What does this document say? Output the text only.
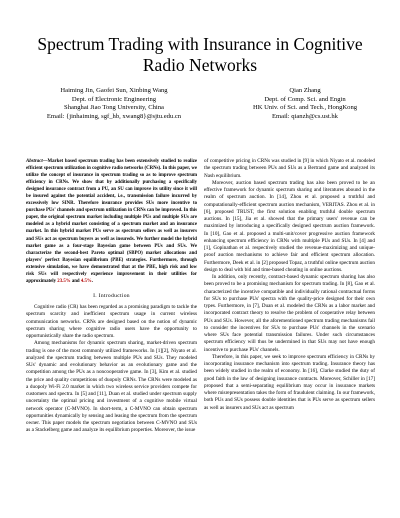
Spectrum Trading with Insurance in Cognitive Radio Networks
Haiming Jin, Gaofei Sun, Xinbing Wang
Dept. of Electronic Engineering
Shanghai Jiao Tong University, China
Email: {jinhaiming, sgf_hb, xwang8}@sjtu.edu.cn
Qian Zhang
Dept. of Comp. Sci. and Engin
HK Univ. of Sci. and Tech., HongKong
Email: qianzh@cs.ust.hk
Abstract—Market based spectrum trading has been extensively studied to realize efficient spectrum utilization in cognitive radio networks (CRNs). In this paper, we utilize the concept of insurance in spectrum trading so as to improve spectrum efficiency in CRNs. We show that by additionally purchasing a specifically designed insurance contract from a PU, an SU can improve its utility since it will be insured against the potential accident, i.e., transmission failure incurred by excessively low SINR. Therefore insurance provides SUs more incentive to purchase PUs' channels and spectrum utilization in CRNs can be improved. In this paper, the original spectrum market including multiple PUs and multiple SUs are modeled as a hybrid market consisting of a spectrum market and an insurance market. In this hybrid market PUs serve as spectrum sellers as well as insurers and SUs act as spectrum buyers as well as insureds. We further model the hybrid market game as a four-stage Bayesian game between PUs and SUs. We characterize the second-best Pareto optimal (SBPO) market allocations and players' perfect Bayesian equilibrium (PBE) strategies. Furthermore, through extensive simulation, we have demonstrated that at the PBE, high risk and low risk SUs will respectively experience improvement in their utilities for approximately 23.5% and 4.5%.
I. Introduction

Cognitive radio (CR) has been regarded as a promising paradigm to tackle the spectrum scarcity and inefficient spectrum usage in current wireless communication networks. CRNs are designed based on the notion of dynamic spectrum sharing where cognitive radio users have the opportunity to opportunistically share the radio spectrum.

Among mechanisms for dynamic spectrum sharing, market-driven spectrum trading is one of the most commonly utilized frameworks. In [1][2], Niyato et al. analyzed the spectrum trading between multiple PUs and SUs. They modeled SUs' dynamic and evolutionary behavior as an evolutionary game and the competition among the PUs as a noncooperative game. In [3], Kim et al. studied the price and quality competitions of duopoly CRNs. The CRNs were modeled as a duopoly Wi-Fi 2.0 market in which two wireless service providers compete for customers and spectra. In [5] and [11], Duan et al. studied under spectrum supply uncertainty the optimal pricing and investment of a cognitive mobile virtual network operator (C-MVNO). In short-term, a C-MVNO can obtain spectrum opportunities dynamically by sensing and leasing the spectrum from the spectrum owner. This paper models the spectrum negotiation between C-MVNO and SUs as a Stackelberg game and analyze its equilibrium properties. Moreover, the issue

of competitive pricing in CRNs was studied in [9] in which Niyato et al. modeled the spectrum trading between PUs and SUs as a Bertrand game and analyzed its Nash equilibrium.

Moreover, auction based spectrum trading has also been proved to be an effective framework for dynamic spectrum sharing and literatures abound in the realm of spectrum auction. In [14], Zhou et al. proposed a truthful and computationally-efficient spectrum auction mechanism, VERITAS. Zhou et al. in [6], proposed TRUST, the first solution enabling truthful double spectrum auctions. In [15], Jia et al. showed that the primary users' revenue can be maximized by introducing a specifically designed spectrum auction framework. In [10], Gao et al. proposed a multi-unit/cover progressive auction framework enhancing spectrum efficiency in CRNs with multiple PUs and SUs. In [4] and [1], Gopinathan et al. respectively studied the revenue-maximizing and unique-proof auction mechanisms to achieve fair and efficient spectrum allocation. Furthermore, Deek et al. in [2] proposed Topaz, a truthful online spectrum auction design to deal with bid and time-based cheating in online auctions.

In addition, only recently, contract-based dynamic spectrum sharing has also been proved to be a promising mechanism for spectrum trading. In [8], Gao et al. characterized the incentive compatible and individually rational contractual forms for SUs to purchase PUs' spectra with the quality-price designed for their own types. Furthermore, in [7], Duan et al. modeled the CRNs as a labor market and incorporated contract theory to resolve the problem of cooperative relay between PUs and SUs. However, all the aforementioned spectrum trading mechanisms fail to consider the incentives for SUs to purchase PUs' channels in the scenario where SUs face potential transmission failures. Under such circumstances spectrum efficiency will thus be undermined in that SUs may not have enough incentive to purchase PUs' channels.

Therefore, in this paper, we seek to improve spectrum efficiency in CRNs by incorporating insurance mechanism into spectrum trading. Insurance theory has been widely studied in the realm of economy. In [16], Clarke studied the duty of good faith in the law of designing insurance contracts. Moreover, Schiller in [17] proposed that a semi-separating equilibrium may occur in insurance markets where misrepresentation takes the form of fraudulent claiming. In our framework, both PUs and SUs possess double identities that is PUs serve as spectrum sellers as well as insurers and SUs act as spectrum
